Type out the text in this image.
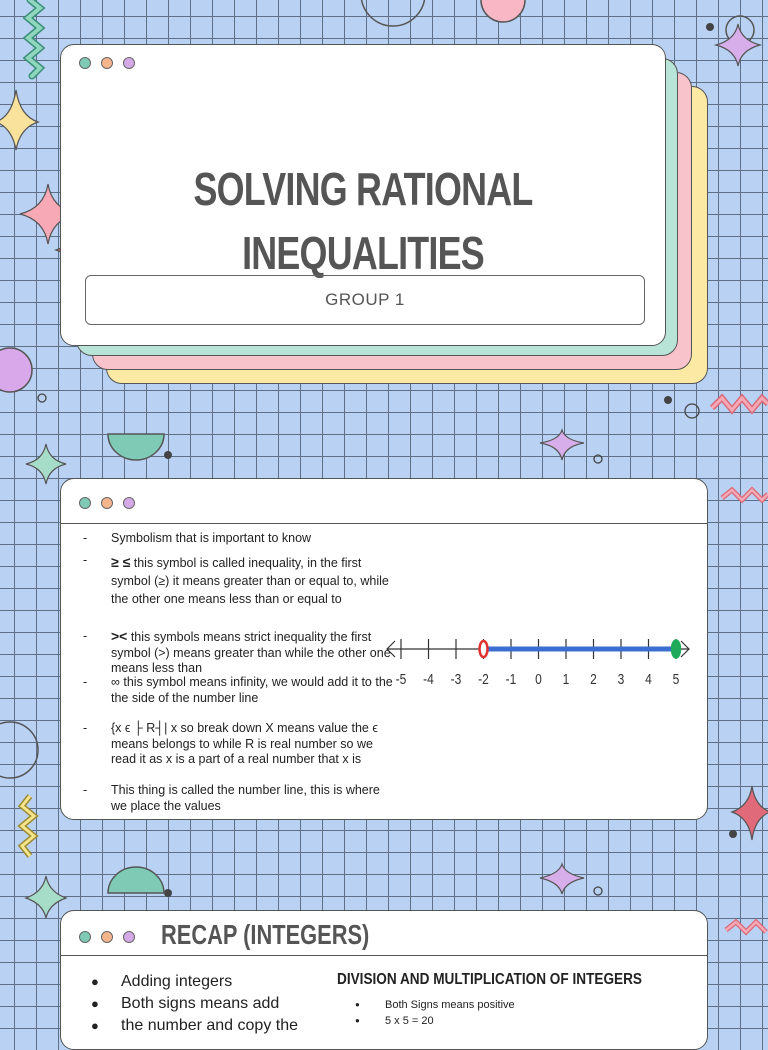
SOLVING RATIONAL
INEQUALITIES
GROUP 1
- Symbolism that is important to know
- ≥ ≤ this symbol is called inequality, in the first symbol (≥) it means greater than or equal to, while the other one means less than or equal to
- >< this symbols means strict inequality the first symbol (>) means greater than while the other one means less than
- ∞ this symbol means infinity, we would add it to the the side of the number line
- {x ϵ ├ R┤| x so break down X means value the ϵ means belongs to while R is real number so we read it as x is a part of a real number that x is
- This thing is called the number line, this is where we place the values
-5 -4 -3 -2 -1 0 1 2 3 4 5
RECAP (INTEGERS)
● Adding integers
● Both signs means add
● the number and copy the
DIVISION AND MULTIPLICATION OF INTEGERS
● Both Signs means positive
● 5 x 5 = 20
